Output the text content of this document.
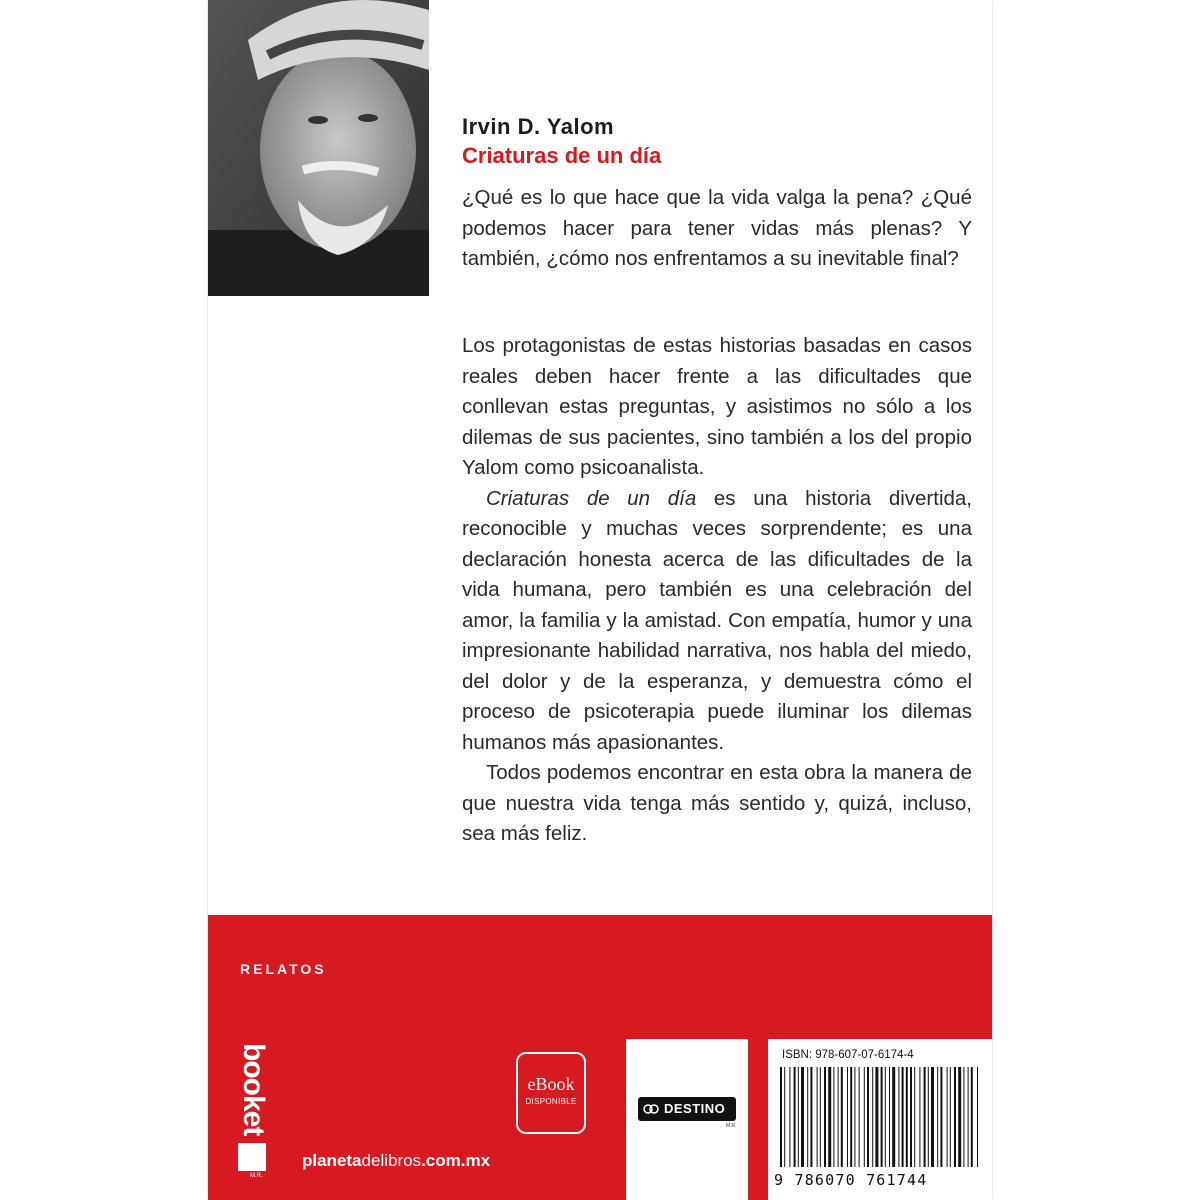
Irvin D. Yalom
Criaturas de un día

¿Qué es lo que hace que la vida valga la pena? ¿Qué podemos hacer para tener vidas más plenas? Y también, ¿cómo nos enfrentamos a su inevitable final?

Los protagonistas de estas historias basadas en casos reales deben hacer frente a las dificultades que conllevan estas preguntas, y asistimos no sólo a los dilemas de sus pacientes, sino también a los del propio Yalom como psicoanalista.

Criaturas de un día es una historia divertida, reconocible y muchas veces sorprendente; es una declaración honesta acerca de las dificultades de la vida humana, pero también es una celebración del amor, la familia y la amistad. Con empatía, humor y una impresionante habilidad narrativa, nos habla del miedo, del dolor y de la esperanza, y demuestra cómo el proceso de psicoterapia puede iluminar los dilemas humanos más apasionantes.

Todos podemos encontrar en esta obra la manera de que nuestra vida tenga más sentido y, quizá, incluso, sea más feliz.

RELATOS
booket
M.R.
planetadelibros.com.mx
eBook
DISPONIBLE	DESTINO
M.R.
ISBN: 978-607-07-6174-4
9 786070 761744
